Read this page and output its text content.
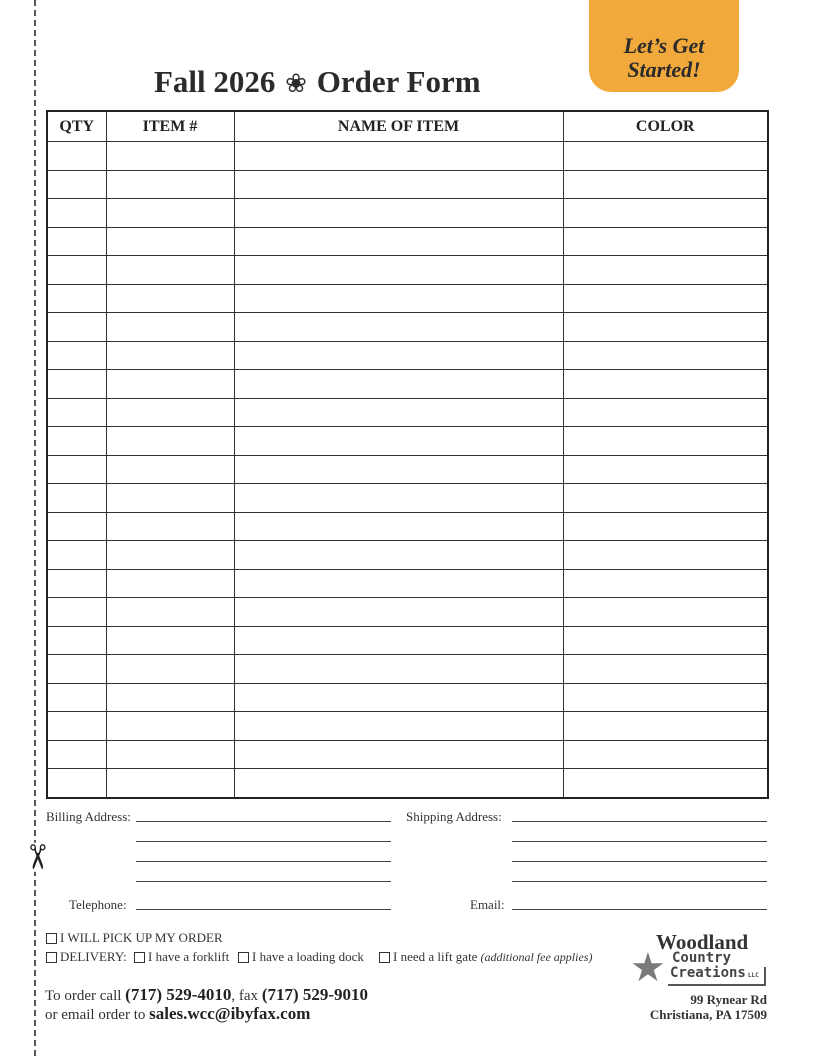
✂
Let’s Get
Started!
Fall 2026 ❀ Order Form
QTY	ITEM #	NAME OF ITEM	COLOR

Billing Address:	Shipping Address:
Telephone:	Email:
I WILL PICK UP MY ORDER
DELIVERY: I have a forklift I have a loading dock I need a lift gate (additional fee applies)
To order call (717) 529-4010, fax (717) 529-9010
or email order to sales.wcc@ibyfax.com
★
Woodland
Country
Creations LLC
99 Rynear Rd
Christiana, PA 17509
